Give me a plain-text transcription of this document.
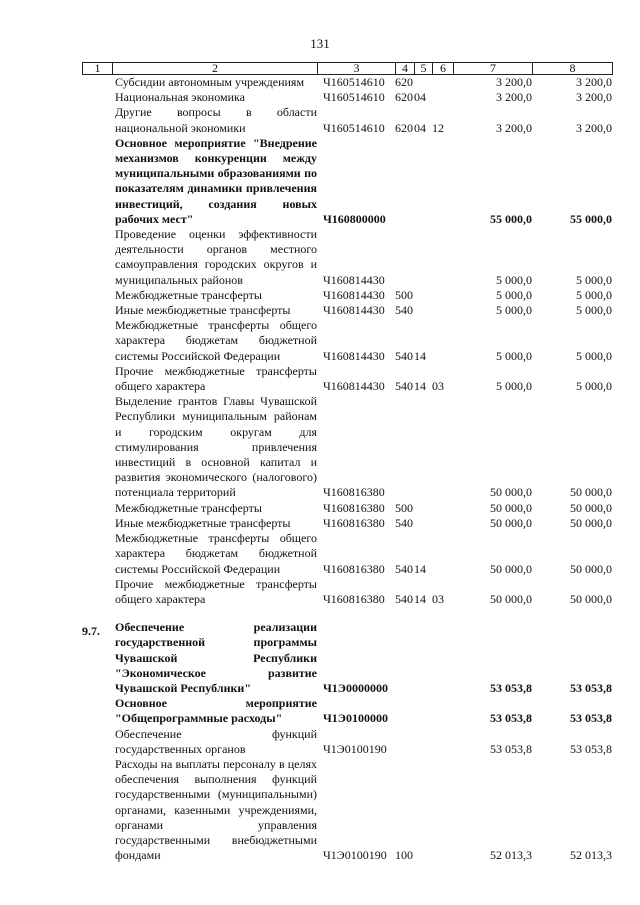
131
1	2	3	4	5	6	7	8
	Субсидии автономным учреждениям	Ч160514610	620			3 200,0	3 200,0
	Национальная экономика	Ч160514610	620	04		3 200,0	3 200,0
	Другие вопросы в области национальной экономики	Ч160514610	620	04	12	3 200,0	3 200,0
	Основное мероприятие "Внедрение механизмов конкуренции между муниципальными образованиями по показателям динамики привлечения инвестиций, создания новых рабочих мест"	Ч160800000				55 000,0	55 000,0
	Проведение оценки эффективности деятельности органов местного самоуправления городских округов и муниципальных районов	Ч160814430				5 000,0	5 000,0
	Межбюджетные трансферты	Ч160814430	500			5 000,0	5 000,0
	Иные межбюджетные трансферты	Ч160814430	540			5 000,0	5 000,0
	Межбюджетные трансферты общего характера бюджетам бюджетной системы Российской Федерации	Ч160814430	540	14		5 000,0	5 000,0
	Прочие межбюджетные трансферты общего характера	Ч160814430	540	14	03	5 000,0	5 000,0
	Выделение грантов Главы Чувашской Республики муниципальным районам и городским округам для стимулирования привлечения инвестиций в основной капитал и развития экономического (налогового) потенциала территорий	Ч160816380				50 000,0	50 000,0
	Межбюджетные трансферты	Ч160816380	500			50 000,0	50 000,0
	Иные межбюджетные трансферты	Ч160816380	540			50 000,0	50 000,0
	Межбюджетные трансферты общего характера бюджетам бюджетной системы Российской Федерации	Ч160816380	540	14		50 000,0	50 000,0
	Прочие межбюджетные трансферты общего характера	Ч160816380	540	14	03	50 000,0	50 000,0

9.7.	Обеспечение реализации государственной программы Чувашской Республики "Экономическое развитие Чувашской Республики"	Ч1Э0000000				53 053,8	53 053,8
	Основное мероприятие "Общепрограммные расходы"	Ч1Э0100000				53 053,8	53 053,8
	Обеспечение функций государственных органов	Ч1Э0100190				53 053,8	53 053,8
	Расходы на выплаты персоналу в целях обеспечения выполнения функций государственными (муниципальными) органами, казенными учреждениями, органами управления государственными внебюджетными фондами	Ч1Э0100190	100			52 013,3	52 013,3
